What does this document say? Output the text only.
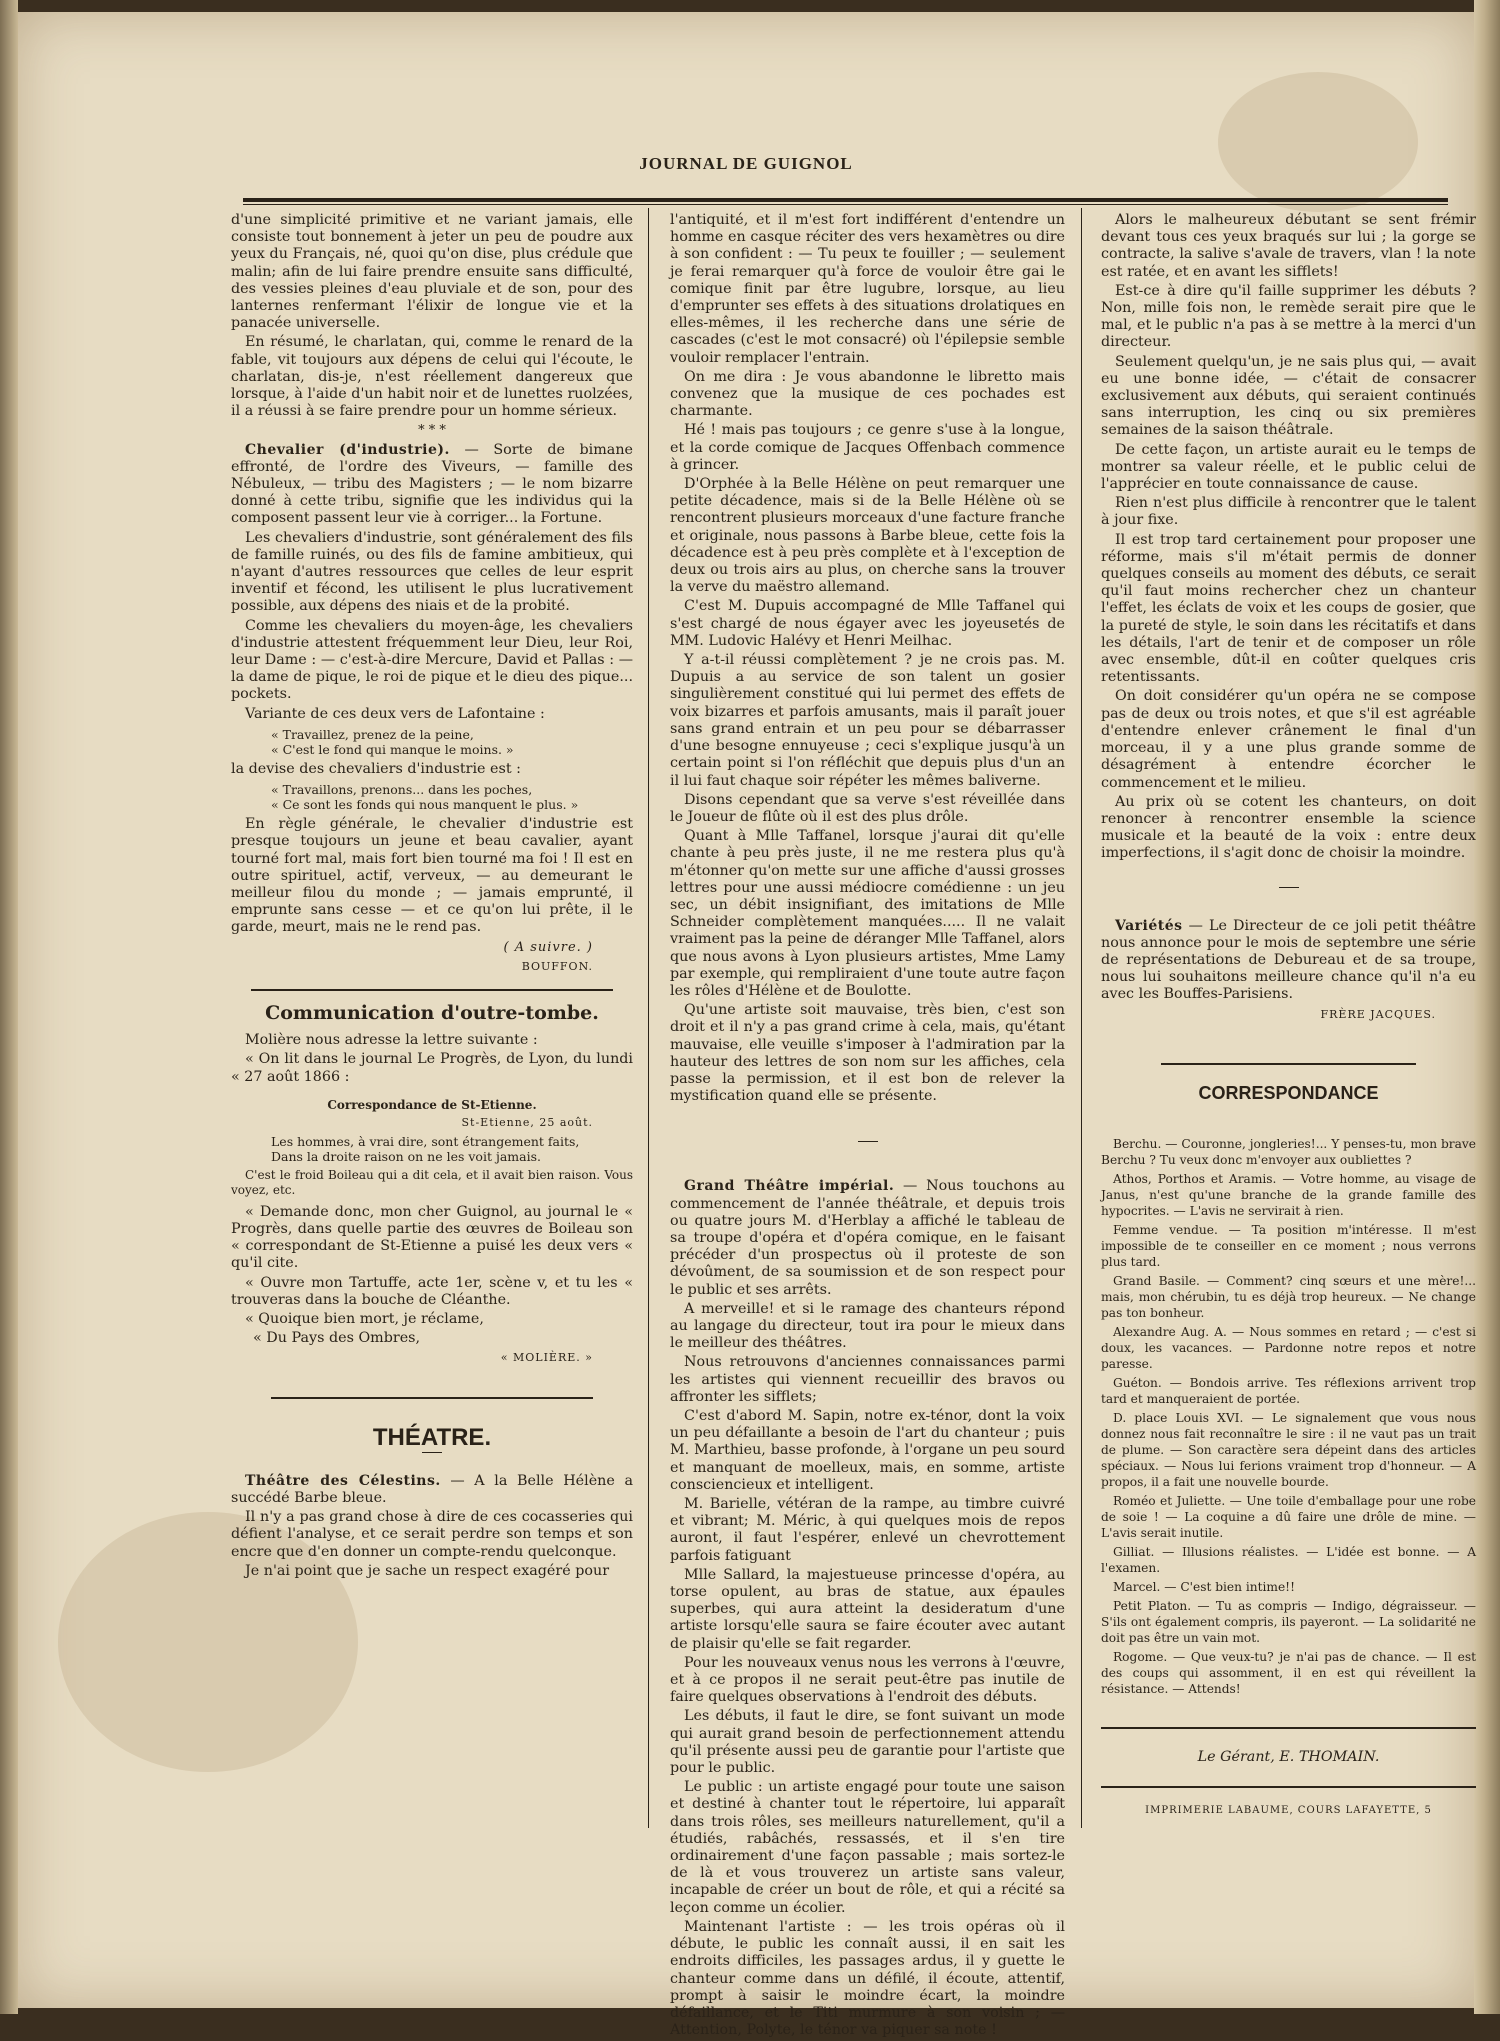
JOURNAL DE GUIGNOL

d'une simplicité primitive et ne variant jamais, elle consiste tout bonnement à jeter un peu de poudre aux yeux du Français, né, quoi qu'on dise, plus crédule que malin; afin de lui faire prendre ensuite sans difficulté, des vessies pleines d'eau pluviale et de son, pour des lanternes renfermant l'élixir de longue vie et la panacée universelle.

En résumé, le charlatan, qui, comme le renard de la fable, vit toujours aux dépens de celui qui l'écoute, le charlatan, dis-je, n'est réellement dangereux que lorsque, à l'aide d'un habit noir et de lunettes ruolzées, il a réussi à se faire prendre pour un homme sérieux.

* * *

Chevalier (d'industrie). — Sorte de bimane effronté, de l'ordre des Viveurs, — famille des Nébuleux, — tribu des Magisters ; — le nom bizarre donné à cette tribu, signifie que les individus qui la composent passent leur vie à corriger... la Fortune.

Les chevaliers d'industrie, sont généralement des fils de famille ruinés, ou des fils de famine ambitieux, qui n'ayant d'autres ressources que celles de leur esprit inventif et fécond, les utilisent le plus lucrativement possible, aux dépens des niais et de la probité.

Comme les chevaliers du moyen-âge, les chevaliers d'industrie attestent fréquemment leur Dieu, leur Roi, leur Dame : — c'est-à-dire Mercure, David et Pallas : — la dame de pique, le roi de pique et le dieu des pique... pockets.

Variante de ces deux vers de Lafontaine :

« Travaillez, prenez de la peine,
« C'est le fond qui manque le moins. »

la devise des chevaliers d'industrie est :

« Travaillons, prenons... dans les poches,
« Ce sont les fonds qui nous manquent le plus. »

En règle générale, le chevalier d'industrie est presque toujours un jeune et beau cavalier, ayant tourné fort mal, mais fort bien tourné ma foi ! Il est en outre spirituel, actif, verveux, — au demeurant le meilleur filou du monde ; — jamais emprunté, il emprunte sans cesse — et ce qu'on lui prête, il le garde, meurt, mais ne le rend pas.

( A suivre. )

BOUFFON.

Communication d'outre-tombe.

Molière nous adresse la lettre suivante :

« On lit dans le journal Le Progrès, de Lyon, du lundi « 27 août 1866 :

Correspondance de St-Etienne.

St-Etienne, 25 août.

Les hommes, à vrai dire, sont étrangement faits,
Dans la droite raison on ne les voit jamais.

C'est le froid Boileau qui a dit cela, et il avait bien raison. Vous voyez, etc.

« Demande donc, mon cher Guignol, au journal le « Progrès, dans quelle partie des œuvres de Boileau son « correspondant de St-Etienne a puisé les deux vers « qu'il cite.

« Ouvre mon Tartuffe, acte 1er, scène v, et tu les « trouveras dans la bouche de Cléanthe.

« Quoique bien mort, je réclame,

« Du Pays des Ombres,

« MOLIÈRE. »

THÉATRE.

Théâtre des Célestins. — A la Belle Hélène a succédé Barbe bleue.

Il n'y a pas grand chose à dire de ces cocasseries qui défient l'analyse, et ce serait perdre son temps et son encre que d'en donner un compte-rendu quelconque.

Je n'ai point que je sache un respect exagéré pour

l'antiquité, et il m'est fort indifférent d'entendre un homme en casque réciter des vers hexamètres ou dire à son confident : — Tu peux te fouiller ; — seulement je ferai remarquer qu'à force de vouloir être gai le comique finit par être lugubre, lorsque, au lieu d'emprunter ses effets à des situations drolatiques en elles-mêmes, il les recherche dans une série de cascades (c'est le mot consacré) où l'épilepsie semble vouloir remplacer l'entrain.

On me dira : Je vous abandonne le libretto mais convenez que la musique de ces pochades est charmante.

Hé ! mais pas toujours ; ce genre s'use à la longue, et la corde comique de Jacques Offenbach commence à grincer.

D'Orphée à la Belle Hélène on peut remarquer une petite décadence, mais si de la Belle Hélène où se rencontrent plusieurs morceaux d'une facture franche et originale, nous passons à Barbe bleue, cette fois la décadence est à peu près complète et à l'exception de deux ou trois airs au plus, on cherche sans la trouver la verve du maëstro allemand.

C'est M. Dupuis accompagné de Mlle Taffanel qui s'est chargé de nous égayer avec les joyeusetés de MM. Ludovic Halévy et Henri Meilhac.

Y a-t-il réussi complètement ? je ne crois pas. M. Dupuis a au service de son talent un gosier singulièrement constitué qui lui permet des effets de voix bizarres et parfois amusants, mais il paraît jouer sans grand entrain et un peu pour se débarrasser d'une besogne ennuyeuse ; ceci s'explique jusqu'à un certain point si l'on réfléchit que depuis plus d'un an il lui faut chaque soir répéter les mêmes baliverne.

Disons cependant que sa verve s'est réveillée dans le Joueur de flûte où il est des plus drôle.

Quant à Mlle Taffanel, lorsque j'aurai dit qu'elle chante à peu près juste, il ne me restera plus qu'à m'étonner qu'on mette sur une affiche d'aussi grosses lettres pour une aussi médiocre comédienne : un jeu sec, un débit insignifiant, des imitations de Mlle Schneider complètement manquées..... Il ne valait vraiment pas la peine de déranger Mlle Taffanel, alors que nous avons à Lyon plusieurs artistes, Mme Lamy par exemple, qui rempliraient d'une toute autre façon les rôles d'Hélène et de Boulotte.

Qu'une artiste soit mauvaise, très bien, c'est son droit et il n'y a pas grand crime à cela, mais, qu'étant mauvaise, elle veuille s'imposer à l'admiration par la hauteur des lettres de son nom sur les affiches, cela passe la permission, et il est bon de relever la mystification quand elle se présente.

Grand Théâtre impérial. — Nous touchons au commencement de l'année théâtrale, et depuis trois ou quatre jours M. d'Herblay a affiché le tableau de sa troupe d'opéra et d'opéra comique, en le faisant précéder d'un prospectus où il proteste de son dévoûment, de sa soumission et de son respect pour le public et ses arrêts.

A merveille! et si le ramage des chanteurs répond au langage du directeur, tout ira pour le mieux dans le meilleur des théâtres.

Nous retrouvons d'anciennes connaissances parmi les artistes qui viennent recueillir des bravos ou affronter les sifflets;

C'est d'abord M. Sapin, notre ex-ténor, dont la voix un peu défaillante a besoin de l'art du chanteur ; puis M. Marthieu, basse profonde, à l'organe un peu sourd et manquant de moelleux, mais, en somme, artiste consciencieux et intelligent.

M. Barielle, vétéran de la rampe, au timbre cuivré et vibrant; M. Méric, à qui quelques mois de repos auront, il faut l'espérer, enlevé un chevrottement parfois fatiguant

Mlle Sallard, la majestueuse princesse d'opéra, au torse opulent, au bras de statue, aux épaules superbes, qui aura atteint la desideratum d'une artiste lorsqu'elle saura se faire écouter avec autant de plaisir qu'elle se fait regarder.

Pour les nouveaux venus nous les verrons à l'œuvre, et à ce propos il ne serait peut-être pas inutile de faire quelques observations à l'endroit des débuts.

Les débuts, il faut le dire, se font suivant un mode qui aurait grand besoin de perfectionnement attendu qu'il présente aussi peu de garantie pour l'artiste que pour le public.

Le public : un artiste engagé pour toute une saison et destiné à chanter tout le répertoire, lui apparaît dans trois rôles, ses meilleurs naturellement, qu'il a étudiés, rabâchés, ressassés, et il s'en tire ordinairement d'une façon passable ; mais sortez-le de là et vous trouverez un artiste sans valeur, incapable de créer un bout de rôle, et qui a récité sa leçon comme un écolier.

Maintenant l'artiste : — les trois opéras où il débute, le public les connaît aussi, il en sait les endroits difficiles, les passages ardus, il y guette le chanteur comme dans un défilé, il écoute, attentif, prompt à saisir le moindre écart, la moindre défaillance, et le Titi murmure à son voisin ; — Attention, Polyte, le ténor va piquer sa note !

Alors le malheureux débutant se sent frémir devant tous ces yeux braqués sur lui ; la gorge se contracte, la salive s'avale de travers, vlan ! la note est ratée, et en avant les sifflets!

Est-ce à dire qu'il faille supprimer les débuts ? Non, mille fois non, le remède serait pire que le mal, et le public n'a pas à se mettre à la merci d'un directeur.

Seulement quelqu'un, je ne sais plus qui, — avait eu une bonne idée, — c'était de consacrer exclusivement aux débuts, qui seraient continués sans interruption, les cinq ou six premières semaines de la saison théâtrale.

De cette façon, un artiste aurait eu le temps de montrer sa valeur réelle, et le public celui de l'apprécier en toute connaissance de cause.

Rien n'est plus difficile à rencontrer que le talent à jour fixe.

Il est trop tard certainement pour proposer une réforme, mais s'il m'était permis de donner quelques conseils au moment des débuts, ce serait qu'il faut moins rechercher chez un chanteur l'effet, les éclats de voix et les coups de gosier, que la pureté de style, le soin dans les récitatifs et dans les détails, l'art de tenir et de composer un rôle avec ensemble, dût-il en coûter quelques cris retentissants.

On doit considérer qu'un opéra ne se compose pas de deux ou trois notes, et que s'il est agréable d'entendre enlever crânement le final d'un morceau, il y a une plus grande somme de désagrément à entendre écorcher le commencement et le milieu.

Au prix où se cotent les chanteurs, on doit renoncer à rencontrer ensemble la science musicale et la beauté de la voix : entre deux imperfections, il s'agit donc de choisir la moindre.

Variétés — Le Directeur de ce joli petit théâtre nous annonce pour le mois de septembre une série de représentations de Debureau et de sa troupe, nous lui souhaitons meilleure chance qu'il n'a eu avec les Bouffes-Parisiens.

FRÈRE JACQUES.

CORRESPONDANCE

Berchu. — Couronne, jongleries!... Y penses-tu, mon brave Berchu ? Tu veux donc m'envoyer aux oubliettes ?

Athos, Porthos et Aramis. — Votre homme, au visage de Janus, n'est qu'une branche de la grande famille des hypocrites. — L'avis ne servirait à rien.

Femme vendue. — Ta position m'intéresse. Il m'est impossible de te conseiller en ce moment ; nous verrons plus tard.

Grand Basile. — Comment? cinq sœurs et une mère!... mais, mon chérubin, tu es déjà trop heureux. — Ne change pas ton bonheur.

Alexandre Aug. A. — Nous sommes en retard ; — c'est si doux, les vacances. — Pardonne notre repos et notre paresse.

Guéton. — Bondois arrive. Tes réflexions arrivent trop tard et manqueraient de portée.

D. place Louis XVI. — Le signalement que vous nous donnez nous fait reconnaître le sire : il ne vaut pas un trait de plume. — Son caractère sera dépeint dans des articles spéciaux. — Nous lui ferions vraiment trop d'honneur. — A propos, il a fait une nouvelle bourde.

Roméo et Juliette. — Une toile d'emballage pour une robe de soie ! — La coquine a dû faire une drôle de mine. — L'avis serait inutile.

Gilliat. — Illusions réalistes. — L'idée est bonne. — A l'examen.

Marcel. — C'est bien intime!!

Petit Platon. — Tu as compris — Indigo, dégraisseur. — S'ils ont également compris, ils payeront. — La solidarité ne doit pas être un vain mot.

Rogome. — Que veux-tu? je n'ai pas de chance. — Il est des coups qui assomment, il en est qui réveillent la résistance. — Attends!

Le Gérant, E. THOMAIN.

IMPRIMERIE LABAUME, COURS LAFAYETTE, 5
